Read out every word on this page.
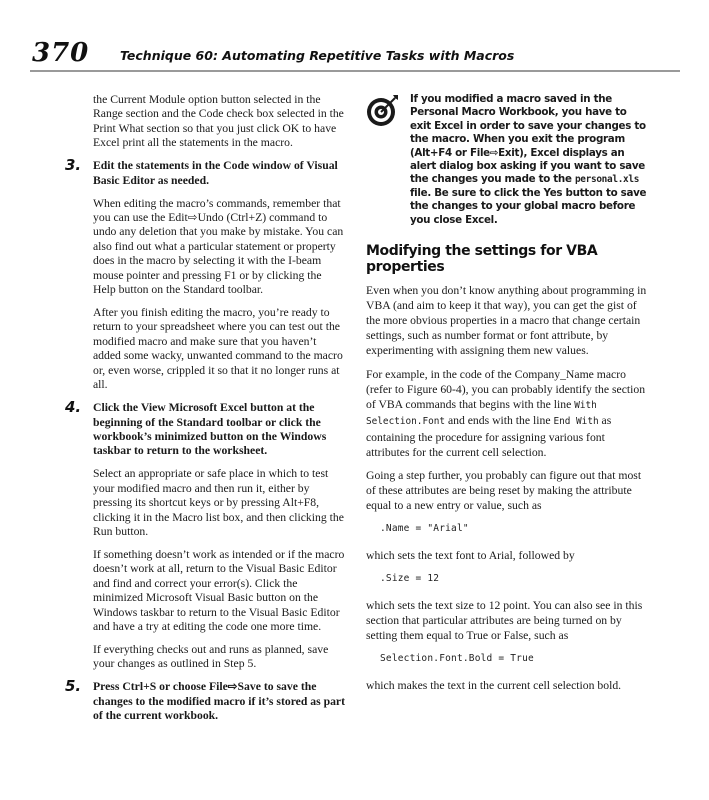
370 Technique 60: Automating Repetitive Tasks with Macros

the Current Module option button selected in the Range section and the Code check box selected in the Print What section so that you just click OK to have Excel print all the statements in the macro.

3. Edit the statements in the Code window of Visual Basic Editor as needed.

When editing the macro’s commands, remember that you can use the Edit⇨Undo (Ctrl+Z) command to undo any deletion that you make by mistake. You can also find out what a particular statement or property does in the macro by selecting it with the I-beam mouse pointer and pressing F1 or by clicking the Help button on the Standard toolbar.

After you finish editing the macro, you’re ready to return to your spreadsheet where you can test out the modified macro and make sure that you haven’t added some wacky, unwanted command to the macro or, even worse, crippled it so that it no longer runs at all.

4. Click the View Microsoft Excel button at the beginning of the Standard toolbar or click the workbook’s minimized button on the Windows taskbar to return to the worksheet.

Select an appropriate or safe place in which to test your modified macro and then run it, either by pressing its shortcut keys or by pressing Alt+F8, clicking it in the Macro list box, and then clicking the Run button.

If something doesn’t work as intended or if the macro doesn’t work at all, return to the Visual Basic Editor and find and correct your error(s). Click the minimized Microsoft Visual Basic button on the Windows taskbar to return to the Visual Basic Editor and have a try at editing the code one more time.

If everything checks out and runs as planned, save your changes as outlined in Step 5.

5. Press Ctrl+S or choose File⇨Save to save the changes to the modified macro if it’s stored as part of the current workbook.

If you modified a macro saved in the Personal Macro Workbook, you have to exit Excel in order to save your changes to the macro. When you exit the program (Alt+F4 or File⇨Exit), Excel displays an alert dialog box asking if you want to save the changes you made to the personal.xls file. Be sure to click the Yes button to save the changes to your global macro before you close Excel.

Modifying the settings for VBA properties

Even when you don’t know anything about programming in VBA (and aim to keep it that way), you can get the gist of the more obvious properties in a macro that change certain settings, such as number format or font attribute, by experimenting with assigning them new values.

For example, in the code of the Company_Name macro (refer to Figure 60-4), you can probably identify the section of VBA commands that begins with the line With Selection.Font and ends with the line End With as containing the procedure for assigning various font attributes for the current cell selection.

Going a step further, you probably can figure out that most of these attributes are being reset by making the attribute equal to a new entry or value, such as

.Name = "Arial"

which sets the text font to Arial, followed by

.Size = 12

which sets the text size to 12 point. You can also see in this section that particular attributes are being turned on by setting them equal to True or False, such as

Selection.Font.Bold = True

which makes the text in the current cell selection bold.
